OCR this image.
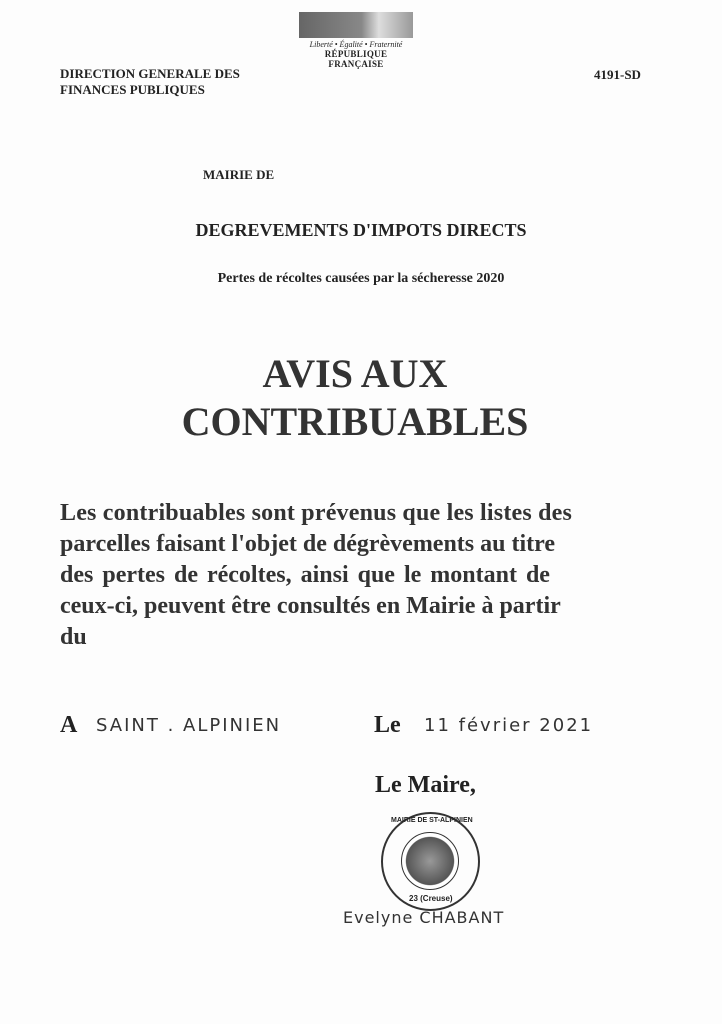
Liberté • Égalité • Fraternité
RÉPUBLIQUE FRANÇAISE
DIRECTION GENERALE DES
FINANCES PUBLIQUES
4191-SD
MAIRIE DE
DEGREVEMENTS D'IMPOTS DIRECTS
Pertes de récoltes causées par la sécheresse 2020
AVIS AUX
CONTRIBUABLES
Les contribuables sont prévenus que les listes des
parcelles faisant l'objet de dégrèvements au titre
des pertes de récoltes, ainsi que le montant de
ceux-ci, peuvent être consultés en Mairie à partir
du
A SAINT . ALPINIEN	Le 11 février 2021
Le Maire,
MAIRIE DE ST-ALPINIEN
23 (Creuse)
Evelyne CHABANT
